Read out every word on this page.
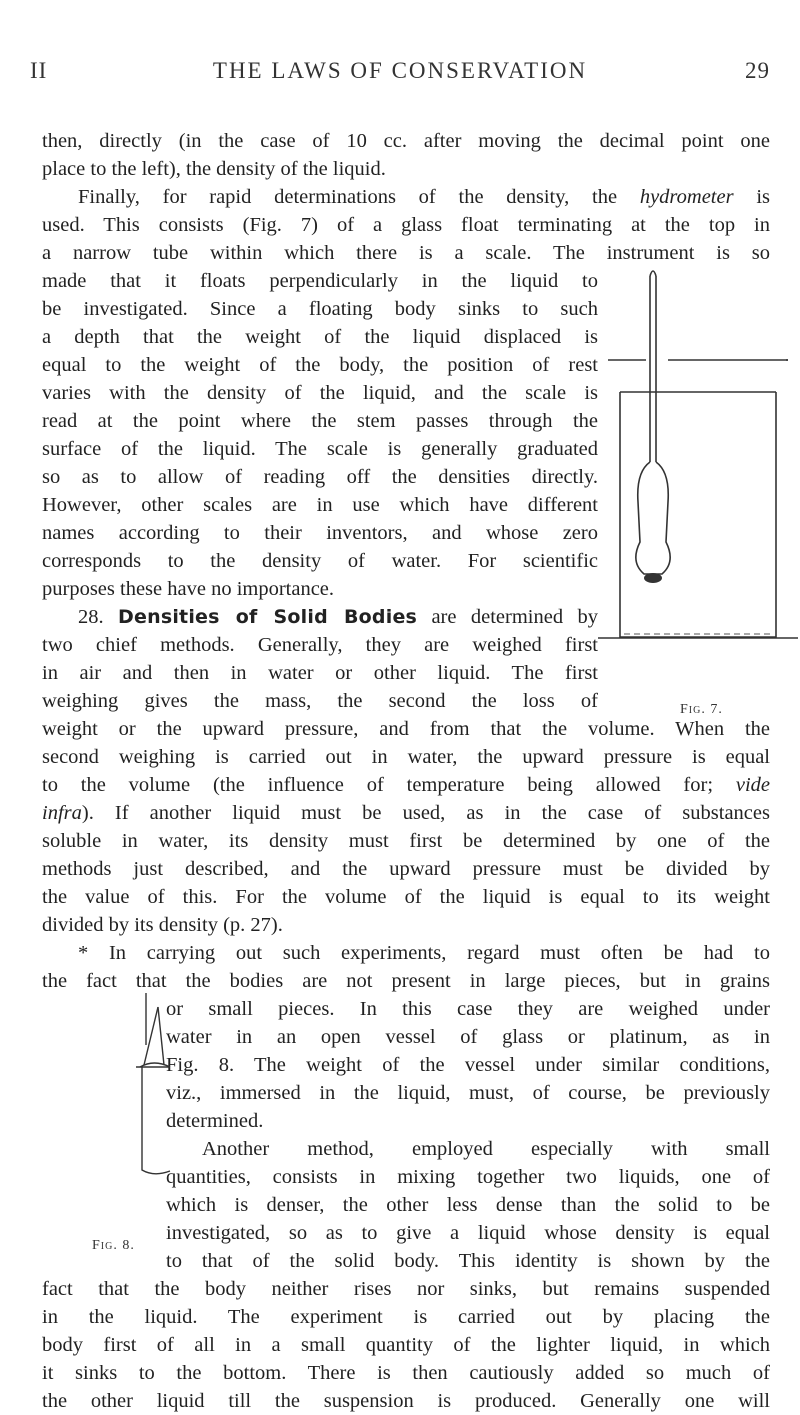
II	THE LAWS OF CONSERVATION	29
then, directly (in the case of 10 cc. after moving the decimal point one
place to the left), the density of the liquid.
Finally, for rapid determinations of the density, the hydrometer is
used. This consists (Fig. 7) of a glass float terminating at the top in
a narrow tube within which there is a scale. The instrument is so
made that it floats perpendicularly in the liquid to
be investigated. Since a floating body sinks to such
a depth that the weight of the liquid displaced is
equal to the weight of the body, the position of rest
varies with the density of the liquid, and the scale is
read at the point where the stem passes through the
surface of the liquid. The scale is generally graduated
so as to allow of reading off the densities directly.
However, other scales are in use which have different
names according to their inventors, and whose zero
corresponds to the density of water. For scientific
purposes these have no importance.
28. Densities of Solid Bodies are determined by
two chief methods. Generally, they are weighed first
in air and then in water or other liquid. The first
weighing gives the mass, the second the loss of
weight or the upward pressure, and from that the volume. When the
second weighing is carried out in water, the upward pressure is equal
to the volume (the influence of temperature being allowed for; vide
infra). If another liquid must be used, as in the case of substances
soluble in water, its density must first be determined by one of the
methods just described, and the upward pressure must be divided by
the value of this. For the volume of the liquid is equal to its weight
divided by its density (p. 27).
* In carrying out such experiments, regard must often be had to
the fact that the bodies are not present in large pieces, but in grains
or small pieces. In this case they are weighed under
water in an open vessel of glass or platinum, as in
Fig. 8. The weight of the vessel under similar conditions,
viz., immersed in the liquid, must, of course, be previously
determined.
Another method, employed especially with small
quantities, consists in mixing together two liquids, one of
which is denser, the other less dense than the solid to be
investigated, so as to give a liquid whose density is equal
to that of the solid body. This identity is shown by the
fact that the body neither rises nor sinks, but remains suspended
in the liquid. The experiment is carried out by placing the
body first of all in a small quantity of the lighter liquid, in which
it sinks to the bottom. There is then cautiously added so much of
the other liquid till the suspension is produced. Generally one will
Fig. 7.
Fig. 8.
